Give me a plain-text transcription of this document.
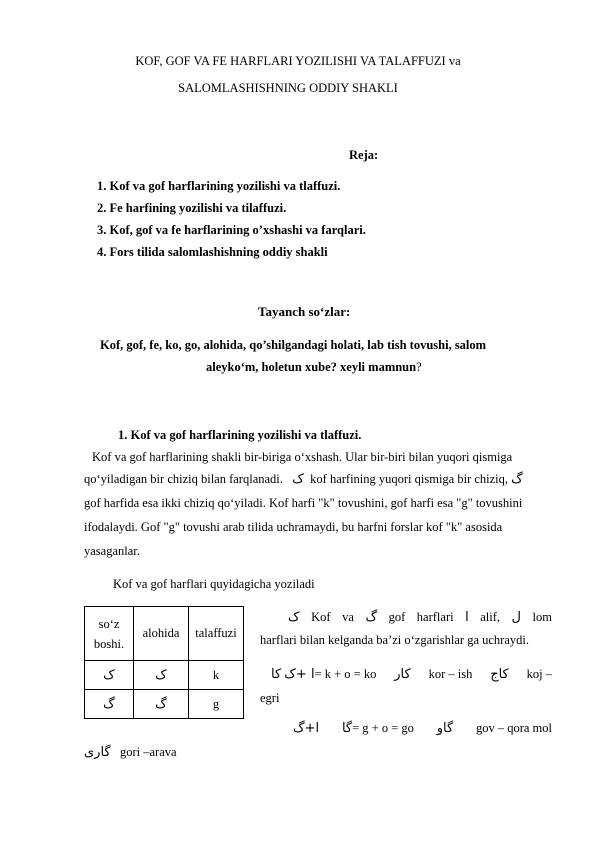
KOF, GOF VA FE HARFLARI YOZILISHI VA TALAFFUZI va
SALOMLASHISHNING ODDIY SHAKLI
Reja:
1. Kof va gof harflarining yozilishi va tlaffuzi.
2. Fe harfining yozilishi va tilaffuzi.
3. Kof, gof va fe harflarining o’xshashi va farqlari.
4. Fors tilida salomlashishning oddiy shakli
Tayanch so‘zlar:
Kof, gof, fe, ko, go, alohida, qo’shilgandagi holati, lab tish tovushi, salom
aleykо‘m, holetun xube? xeyli mamnun?
1. Kof va gof harflarining yozilishi va tlaffuzi.
Kof va gof harflarining shakli bir-biriga o‘xshash. Ular bir-biri bilan yuqori qismiga
qo‘yiladigan bir chiziq bilan farqlanadi. ک kof harfining yuqori qismiga bir chiziq, گ
gof harfida esa ikki chiziq qo‘yiladi. Kof harfi "k" tovushini, gof harfi esa "g" tovushini
ifodalaydi. Gof "g" tovushi arab tilida uchramaydi, bu harfni forslar kof "k" asosida
yasaganlar.
Kof va gof harflari quyidagicha yoziladi
so‘z boshi.	alohida	talaffuzi
ک	ک	k
گ	گ	g
ک Kof va گ gof harflari ا alif, ل lom
harflari bilan kelganda ba’zi o‘zgarishlar ga uchraydi.
ا +ک کا	= k + o = ko کار kor – ish کاج koj –
egri
ا+گ گا= g + o = go گاو gov – qora mol
گاری gori –arava
